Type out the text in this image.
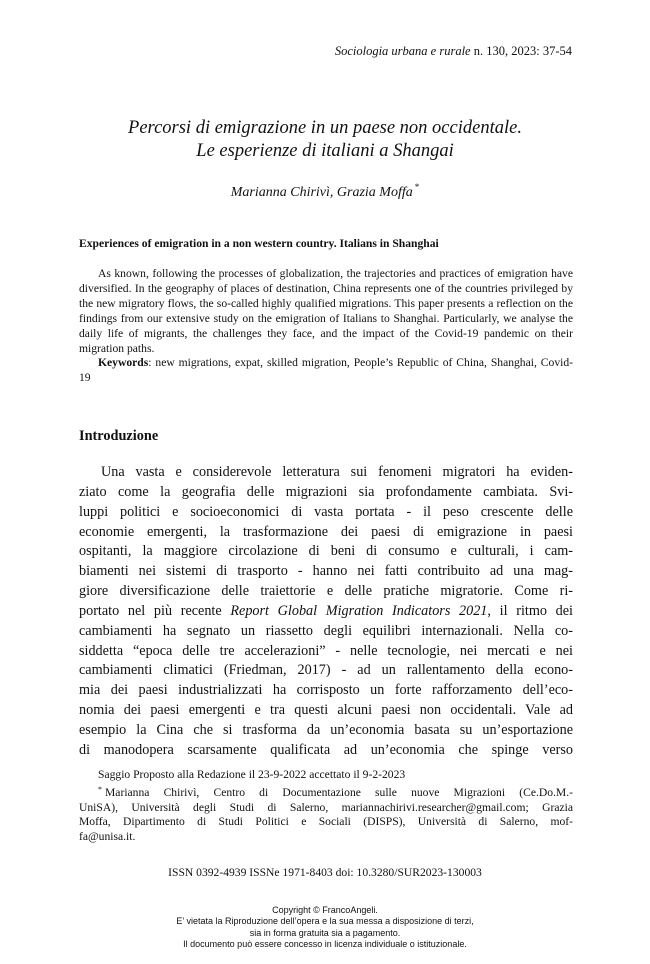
Sociologia urbana e rurale n. 130, 2023: 37-54
Percorsi di emigrazione in un paese non occidentale.
Le esperienze di italiani a Shangai
Marianna Chirivì, Grazia Moffa *
Experiences of emigration in a non western country. Italians in Shanghai

As known, following the processes of globalization, the trajectories and practices of emigration have diversified. In the geography of places of destination, China represents one of the countries privileged by the new migratory flows, the so-called highly qualified migrations. This paper presents a reflection on the findings from our extensive study on the emigration of Italians to Shanghai. Particularly, we analyse the daily life of migrants, the challenges they face, and the impact of the Covid-19 pandemic on their migration paths.

Keywords: new migrations, expat, skilled migration, People’s Republic of China, Shanghai, Covid-19

Introduzione
Una vasta e considerevole letteratura sui fenomeni migratori ha eviden-
ziato come la geografia delle migrazioni sia profondamente cambiata. Svi-
luppi politici e socioeconomici di vasta portata - il peso crescente delle
economie emergenti, la trasformazione dei paesi di emigrazione in paesi
ospitanti, la maggiore circolazione di beni di consumo e culturali, i cam-
biamenti nei sistemi di trasporto - hanno nei fatti contribuito ad una mag-
giore diversificazione delle traiettorie e delle pratiche migratorie. Come ri-
portato nel più recente Report Global Migration Indicators 2021, il ritmo dei
cambiamenti ha segnato un riassetto degli equilibri internazionali. Nella co-
siddetta “epoca delle tre accelerazioni” - nelle tecnologie, nei mercati e nei
cambiamenti climatici (Friedman, 2017) - ad un rallentamento della econo-
mia dei paesi industrializzati ha corrisposto un forte rafforzamento dell’eco-
nomia dei paesi emergenti e tra questi alcuni paesi non occidentali. Vale ad
esempio la Cina che si trasforma da un’economia basata su un’esportazione
di manodopera scarsamente qualificata ad un’economia che spinge verso
Saggio Proposto alla Redazione il 23-9-2022 accettato il 9-2-2023
* Marianna Chirivì, Centro di Documentazione sulle nuove Migrazioni (Ce.Do.M.-
UniSA), Università degli Studi di Salerno, mariannachirivi.researcher@gmail.com; Grazia
Moffa, Dipartimento di Studi Politici e Sociali (DISPS), Università di Salerno, mof-
fa@unisa.it.
ISSN 0392-4939 ISSNe 1971-8403 doi: 10.3280/SUR2023-130003
Copyright © FrancoAngeli.
E’ vietata la Riproduzione dell’opera e la sua messa a disposizione di terzi,
sia in forma gratuita sia a pagamento.
Il documento può essere concesso in licenza individuale o istituzionale.
